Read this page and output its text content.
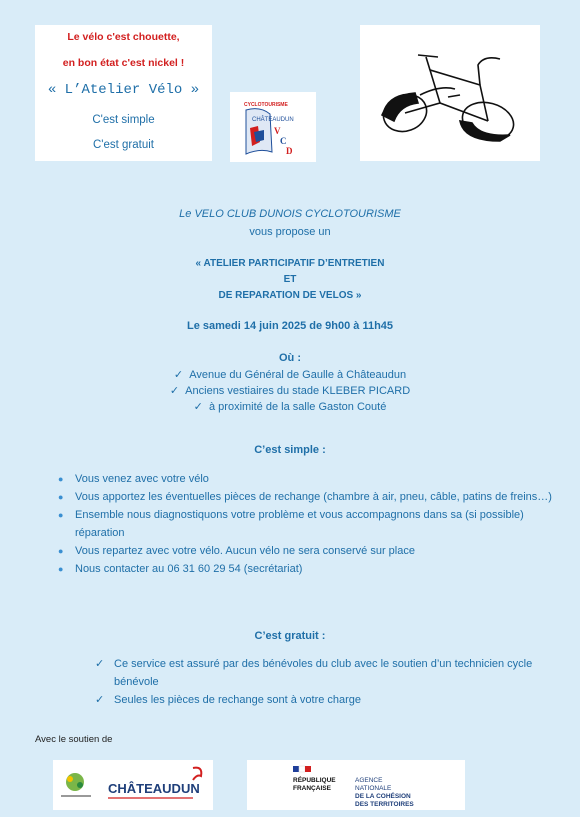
Le vélo c'est chouette,
en bon état c'est nickel !
« L’Atelier Vélo »
C'est simple
C'est gratuit
CYCLOTOURISME
CHÂTEAUDUN
V
C
D
Le VELO CLUB DUNOIS CYCLOTOURISME
vous propose un
« ATELIER PARTICIPATIF D’ENTRETIEN
ET
DE REPARATION DE VELOS »
Le samedi 14 juin 2025 de 9h00 à 11h45
Où :
✓  Avenue du Général de Gaulle à Châteaudun
✓  Anciens vestiaires du stade KLEBER PICARD
✓  à proximité de la salle Gaston Couté
C’est simple :
● Vous venez avec votre vélo
● Vous apportez les éventuelles pièces de rechange (chambre à air, pneu, câble, patins de freins…)
● Ensemble nous diagnostiquons votre problème et vous accompagnons dans sa (si possible) réparation
● Vous repartez avec votre vélo. Aucun vélo ne sera conservé sur place
● Nous contacter au 06 31 60 29 54 (secrétariat)
C’est gratuit :
✓ Ce service est assuré par des bénévoles du club avec le soutien d’un technicien cycle bénévole
✓ Seules les pièces de rechange sont à votre charge
Avec le soutien de
CHÂTEAUDUN
RÉPUBLIQUE
FRANÇAISE
AGENCE
NATIONALE
DE LA COHÉSION
DES TERRITOIRES
